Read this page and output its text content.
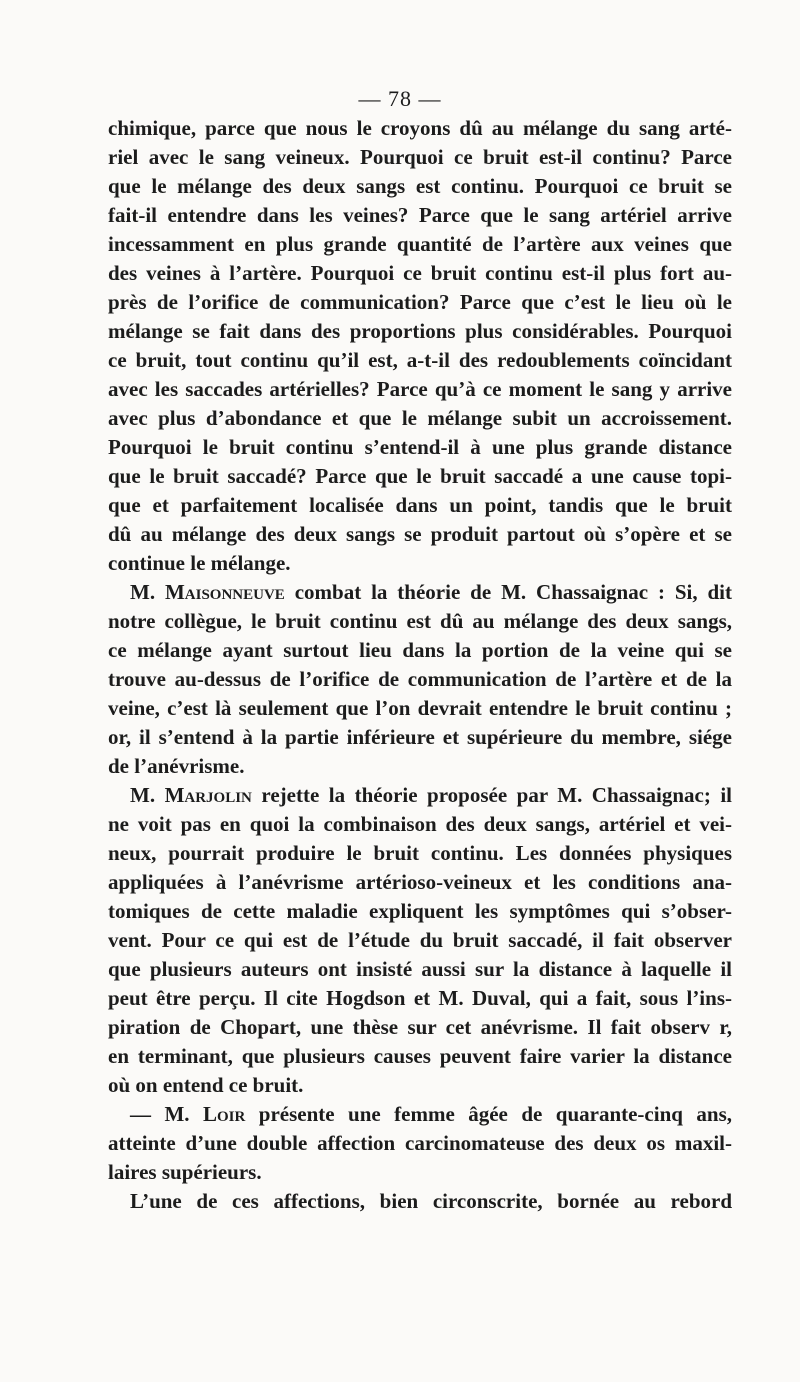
— 78 —
chimique, parce que nous le croyons dû au mélange du sang arté-
riel avec le sang veineux. Pourquoi ce bruit est-il continu? Parce
que le mélange des deux sangs est continu. Pourquoi ce bruit se
fait-il entendre dans les veines? Parce que le sang artériel arrive
incessamment en plus grande quantité de l’artère aux veines que
des veines à l’artère. Pourquoi ce bruit continu est-il plus fort au-
près de l’orifice de communication? Parce que c’est le lieu où le
mélange se fait dans des proportions plus considérables. Pourquoi
ce bruit, tout continu qu’il est, a-t-il des redoublements coïncidant
avec les saccades artérielles? Parce qu’à ce moment le sang y arrive
avec plus d’abondance et que le mélange subit un accroissement.
Pourquoi le bruit continu s’entend-il à une plus grande distance
que le bruit saccadé? Parce que le bruit saccadé a une cause topi-
que et parfaitement localisée dans un point, tandis que le bruit
dû au mélange des deux sangs se produit partout où s’opère et se
continue le mélange.
M. Maisonneuve combat la théorie de M. Chassaignac : Si, dit
notre collègue, le bruit continu est dû au mélange des deux sangs,
ce mélange ayant surtout lieu dans la portion de la veine qui se
trouve au-dessus de l’orifice de communication de l’artère et de la
veine, c’est là seulement que l’on devrait entendre le bruit continu ;
or, il s’entend à la partie inférieure et supérieure du membre, siége
de l’anévrisme.
M. Marjolin rejette la théorie proposée par M. Chassaignac; il
ne voit pas en quoi la combinaison des deux sangs, artériel et vei-
neux, pourrait produire le bruit continu. Les données physiques
appliquées à l’anévrisme artérioso-veineux et les conditions ana-
tomiques de cette maladie expliquent les symptômes qui s’obser-
vent. Pour ce qui est de l’étude du bruit saccadé, il fait observer
que plusieurs auteurs ont insisté aussi sur la distance à laquelle il
peut être perçu. Il cite Hogdson et M. Duval, qui a fait, sous l’ins-
piration de Chopart, une thèse sur cet anévrisme. Il fait observ r,
en terminant, que plusieurs causes peuvent faire varier la distance
où on entend ce bruit.
— M. Loir présente une femme âgée de quarante-cinq ans,
atteinte d’une double affection carcinomateuse des deux os maxil-
laires supérieurs.
L’une de ces affections, bien circonscrite, bornée au rebord
